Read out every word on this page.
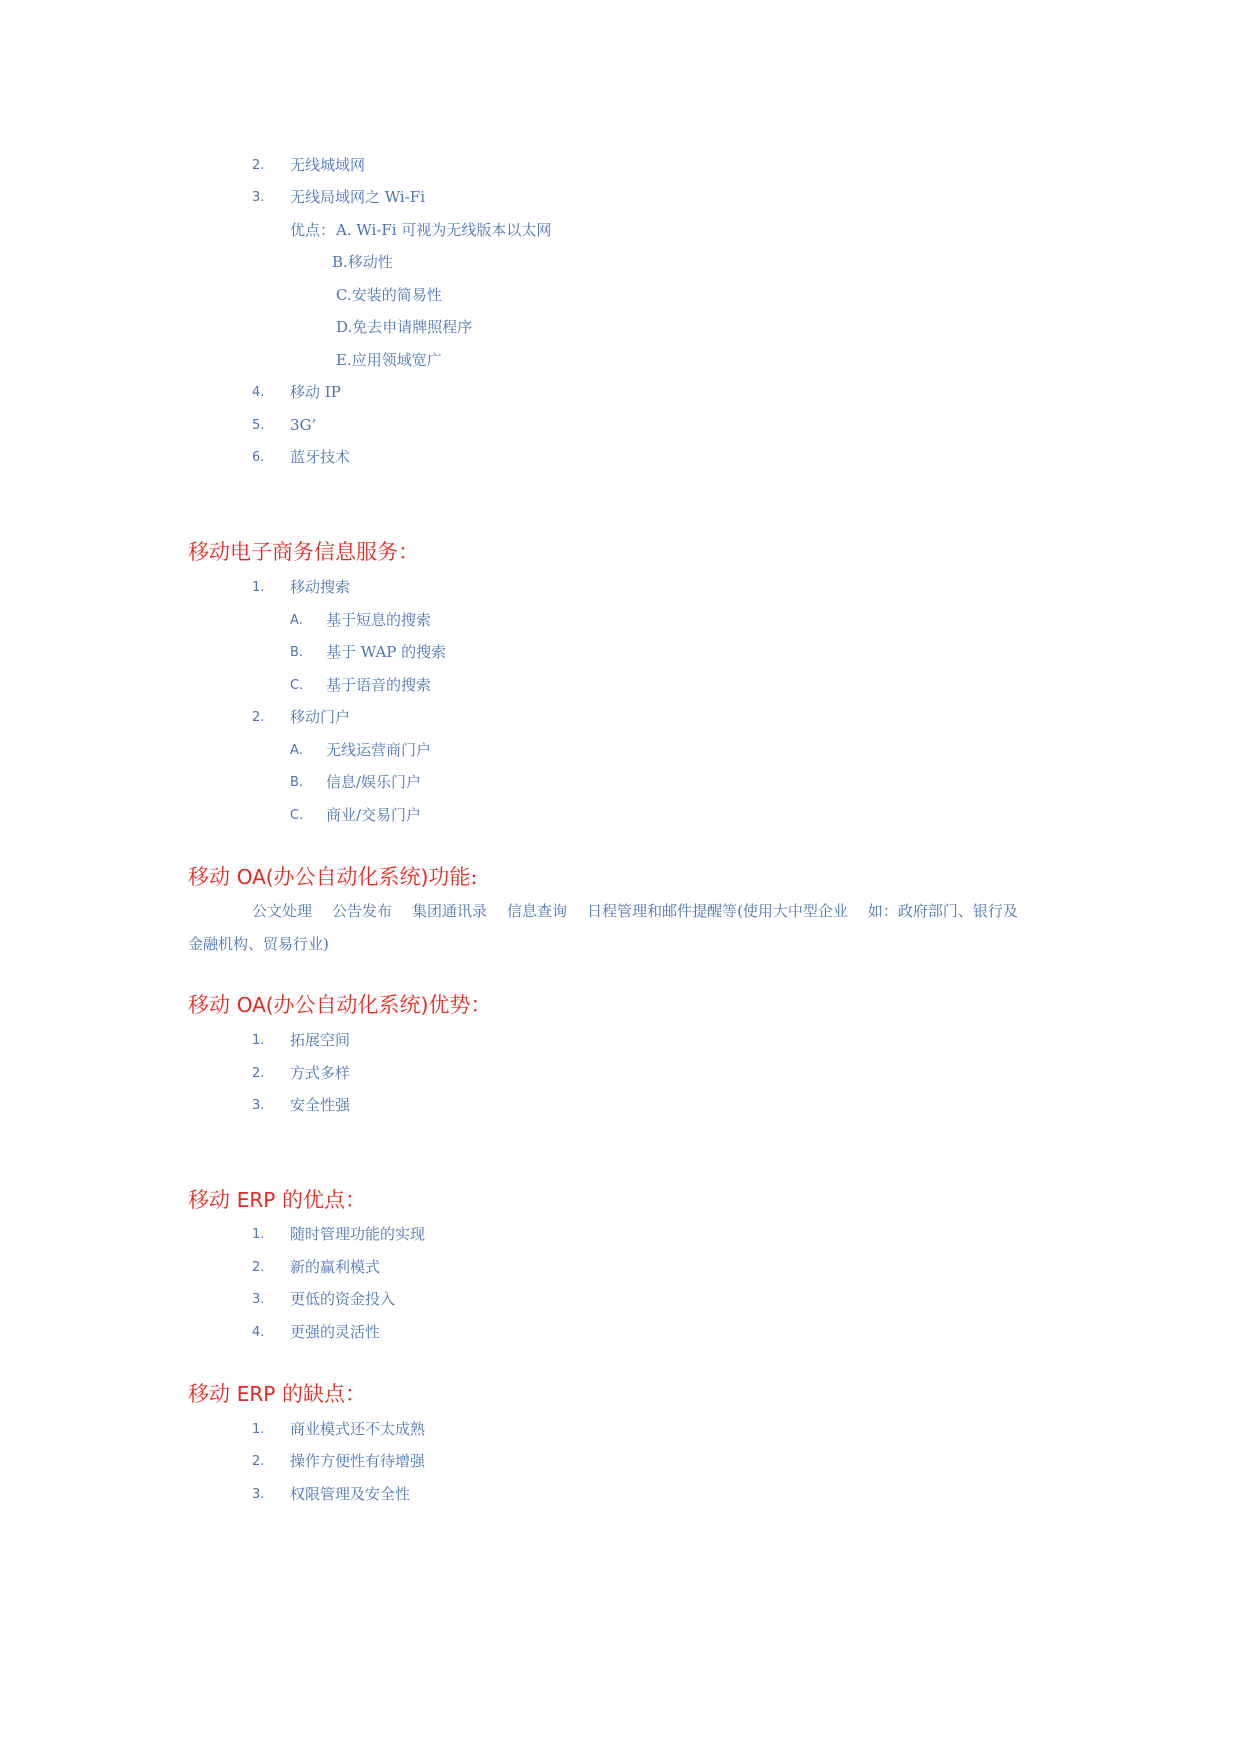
2. 无线城域网
3. 无线局域网之 Wi-Fi
优点： A. Wi-Fi 可视为无线版本以太网
B.移动性
C.安装的简易性
D.免去申请牌照程序
E.应用领域宽广
4. 移动 IP
5. 3G’
6. 蓝牙技术
移动电子商务信息服务：
1. 移动搜索
A. 基于短息的搜索
B. 基于 WAP 的搜索
C. 基于语音的搜索
2. 移动门户
A. 无线运营商门户
B. 信息/娱乐门户
C. 商业/交易门户
移动 OA(办公自动化系统)功能:
公文处理 公告发布 集团通讯录 信息查询 日程管理和邮件提醒等(使用大中型企业 如：政府部门、银行及
金融机构、贸易行业)
移动 OA(办公自动化系统)优势：
1. 拓展空间
2. 方式多样
3. 安全性强
移动 ERP 的优点：
1. 随时管理功能的实现
2. 新的赢利模式
3. 更低的资金投入
4. 更强的灵活性
移动 ERP 的缺点：
1. 商业模式还不太成熟
2. 操作方便性有待增强
3. 权限管理及安全性
